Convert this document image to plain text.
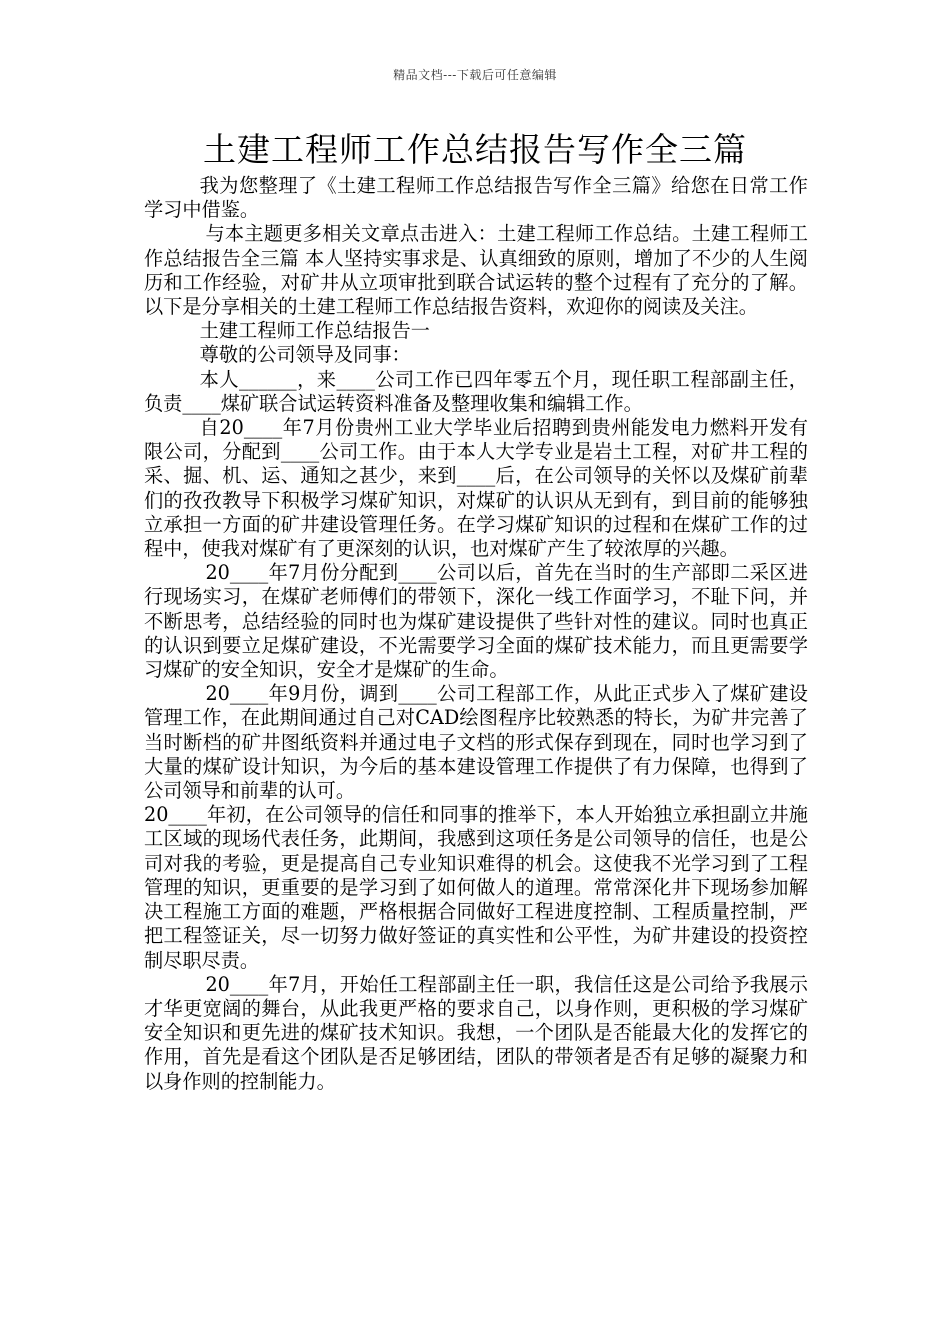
精品文档---下载后可任意编辑
土建工程师工作总结报告写作全三篇

我为您整理了《土建工程师工作总结报告写作全三篇》给您在日常工作学习中借鉴。

与本主题更多相关文章点击进入：土建工程师工作总结。土建工程师工作总结报告全三篇 本人坚持实事求是、认真细致的原则，增加了不少的人生阅历和工作经验，对矿井从立项审批到联合试运转的整个过程有了充分的了解。以下是分享相关的土建工程师工作总结报告资料，欢迎你的阅读及关注。

土建工程师工作总结报告一

尊敬的公司领导及同事：

本人______，来____公司工作已四年零五个月，现任职工程部副主任，负责____煤矿联合试运转资料准备及整理收集和编辑工作。

自20____年7月份贵州工业大学毕业后招聘到贵州能发电力燃料开发有限公司，分配到____公司工作。由于本人大学专业是岩土工程，对矿井工程的采、掘、机、运、通知之甚少，来到____后，在公司领导的关怀以及煤矿前辈们的孜孜教导下积极学习煤矿知识，对煤矿的认识从无到有，到目前的能够独立承担一方面的矿井建设管理任务。在学习煤矿知识的过程和在煤矿工作的过程中，使我对煤矿有了更深刻的认识，也对煤矿产生了较浓厚的兴趣。

20____年7月份分配到____公司以后，首先在当时的生产部即二采区进行现场实习，在煤矿老师傅们的带领下，深化一线工作面学习，不耻下问，并不断思考，总结经验的同时也为煤矿建设提供了些针对性的建议。同时也真正的认识到要立足煤矿建设，不光需要学习全面的煤矿技术能力，而且更需要学习煤矿的安全知识，安全才是煤矿的生命。

20____年9月份，调到____公司工程部工作，从此正式步入了煤矿建设管理工作，在此期间通过自己对CAD绘图程序比较熟悉的特长，为矿井完善了当时断档的矿井图纸资料并通过电子文档的形式保存到现在，同时也学习到了大量的煤矿设计知识，为今后的基本建设管理工作提供了有力保障，也得到了公司领导和前辈的认可。

20____年初，在公司领导的信任和同事的推举下，本人开始独立承担副立井施工区域的现场代表任务，此期间，我感到这项任务是公司领导的信任，也是公司对我的考验，更是提高自己专业知识难得的机会。这使我不光学习到了工程管理的知识，更重要的是学习到了如何做人的道理。常常深化井下现场参加解决工程施工方面的难题，严格根据合同做好工程进度控制、工程质量控制，严把工程签证关，尽一切努力做好签证的真实性和公平性，为矿井建设的投资控制尽职尽责。

20____年7月，开始任工程部副主任一职，我信任这是公司给予我展示才华更宽阔的舞台，从此我更严格的要求自己，以身作则，更积极的学习煤矿安全知识和更先进的煤矿技术知识。我想，一个团队是否能最大化的发挥它的作用，首先是看这个团队是否足够团结，团队的带领者是否有足够的凝聚力和以身作则的控制能力。
